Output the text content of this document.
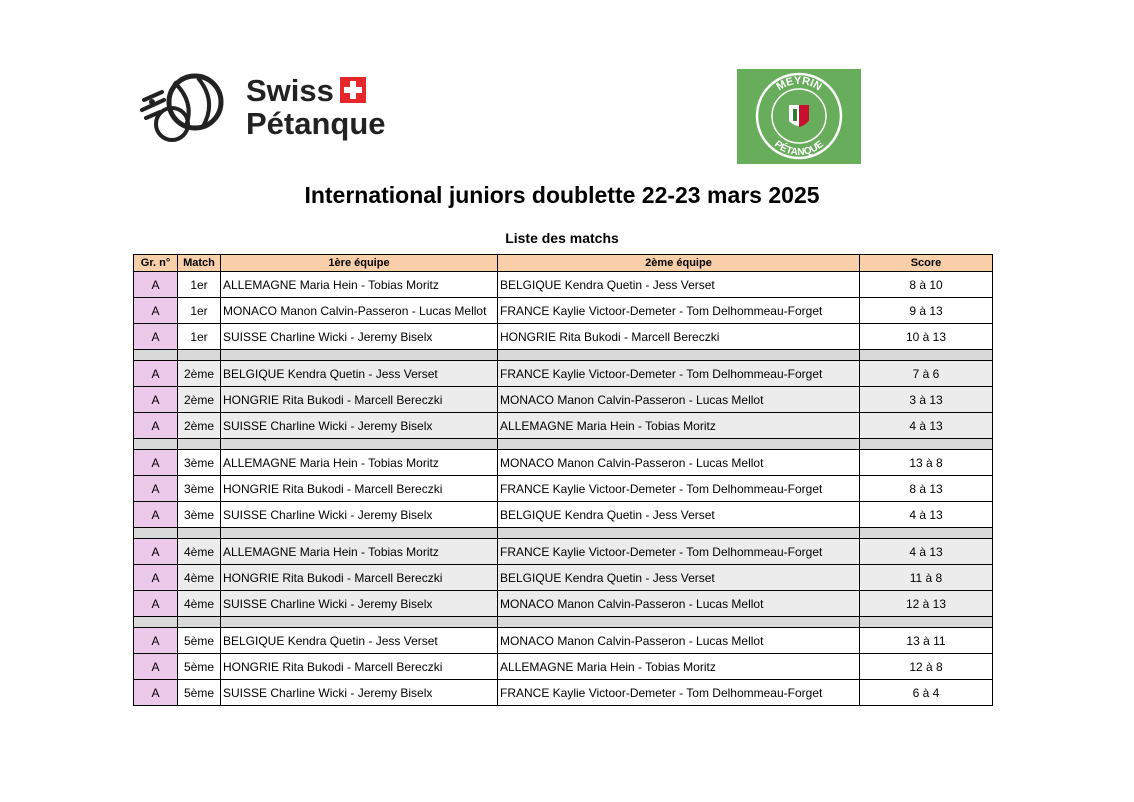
Swiss
Pétanque
MEYRIN
PÉTANQUE
International juniors doublette 22-23 mars 2025
Liste des matchs
Gr. n°	Match	1ère équipe	2ème équipe	Score
A	1er	ALLEMAGNE Maria Hein - Tobias Moritz	BELGIQUE Kendra Quetin - Jess Verset	8 à 10
A	1er	MONACO Manon Calvin-Passeron - Lucas Mellot	FRANCE Kaylie Victoor-Demeter - Tom Delhommeau-Forget	9 à 13
A	1er	SUISSE Charline Wicki - Jeremy Biselx	HONGRIE Rita Bukodi - Marcell Bereczki	10 à 13

A	2ème	BELGIQUE Kendra Quetin - Jess Verset	FRANCE Kaylie Victoor-Demeter - Tom Delhommeau-Forget	7 à 6
A	2ème	HONGRIE Rita Bukodi - Marcell Bereczki	MONACO Manon Calvin-Passeron - Lucas Mellot	3 à 13
A	2ème	SUISSE Charline Wicki - Jeremy Biselx	ALLEMAGNE Maria Hein - Tobias Moritz	4 à 13

A	3ème	ALLEMAGNE Maria Hein - Tobias Moritz	MONACO Manon Calvin-Passeron - Lucas Mellot	13 à 8
A	3ème	HONGRIE Rita Bukodi - Marcell Bereczki	FRANCE Kaylie Victoor-Demeter - Tom Delhommeau-Forget	8 à 13
A	3ème	SUISSE Charline Wicki - Jeremy Biselx	BELGIQUE Kendra Quetin - Jess Verset	4 à 13

A	4ème	ALLEMAGNE Maria Hein - Tobias Moritz	FRANCE Kaylie Victoor-Demeter - Tom Delhommeau-Forget	4 à 13
A	4ème	HONGRIE Rita Bukodi - Marcell Bereczki	BELGIQUE Kendra Quetin - Jess Verset	11 à 8
A	4ème	SUISSE Charline Wicki - Jeremy Biselx	MONACO Manon Calvin-Passeron - Lucas Mellot	12 à 13

A	5ème	BELGIQUE Kendra Quetin - Jess Verset	MONACO Manon Calvin-Passeron - Lucas Mellot	13 à 11
A	5ème	HONGRIE Rita Bukodi - Marcell Bereczki	ALLEMAGNE Maria Hein - Tobias Moritz	12 à 8
A	5ème	SUISSE Charline Wicki - Jeremy Biselx	FRANCE Kaylie Victoor-Demeter - Tom Delhommeau-Forget	6 à 4
